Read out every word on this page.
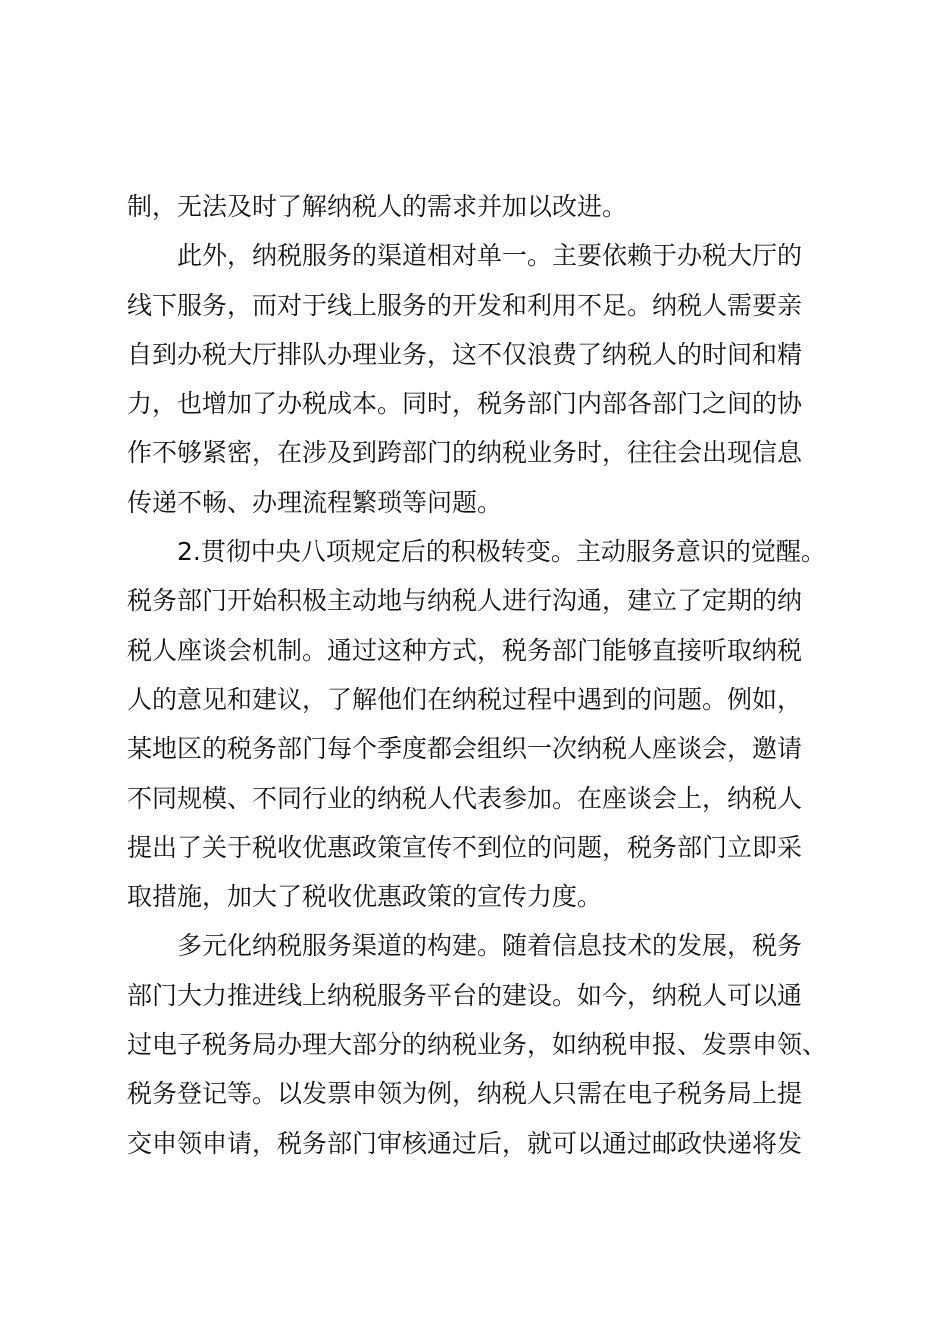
制，无法及时了解纳税人的需求并加以改进。
此外，纳税服务的渠道相对单一。主要依赖于办税大厅的
线下服务，而对于线上服务的开发和利用不足。纳税人需要亲
自到办税大厅排队办理业务，这不仅浪费了纳税人的时间和精
力，也增加了办税成本。同时，税务部门内部各部门之间的协
作不够紧密，在涉及到跨部门的纳税业务时，往往会出现信息
传递不畅、办理流程繁琐等问题。
2.贯彻中央八项规定后的积极转变。主动服务意识的觉醒。
税务部门开始积极主动地与纳税人进行沟通，建立了定期的纳
税人座谈会机制。通过这种方式，税务部门能够直接听取纳税
人的意见和建议，了解他们在纳税过程中遇到的问题。例如，
某地区的税务部门每个季度都会组织一次纳税人座谈会，邀请
不同规模、不同行业的纳税人代表参加。在座谈会上，纳税人
提出了关于税收优惠政策宣传不到位的问题，税务部门立即采
取措施，加大了税收优惠政策的宣传力度。
多元化纳税服务渠道的构建。随着信息技术的发展，税务
部门大力推进线上纳税服务平台的建设。如今，纳税人可以通
过电子税务局办理大部分的纳税业务，如纳税申报、发票申领、
税务登记等。以发票申领为例，纳税人只需在电子税务局上提
交申领申请，税务部门审核通过后，就可以通过邮政快递将发
